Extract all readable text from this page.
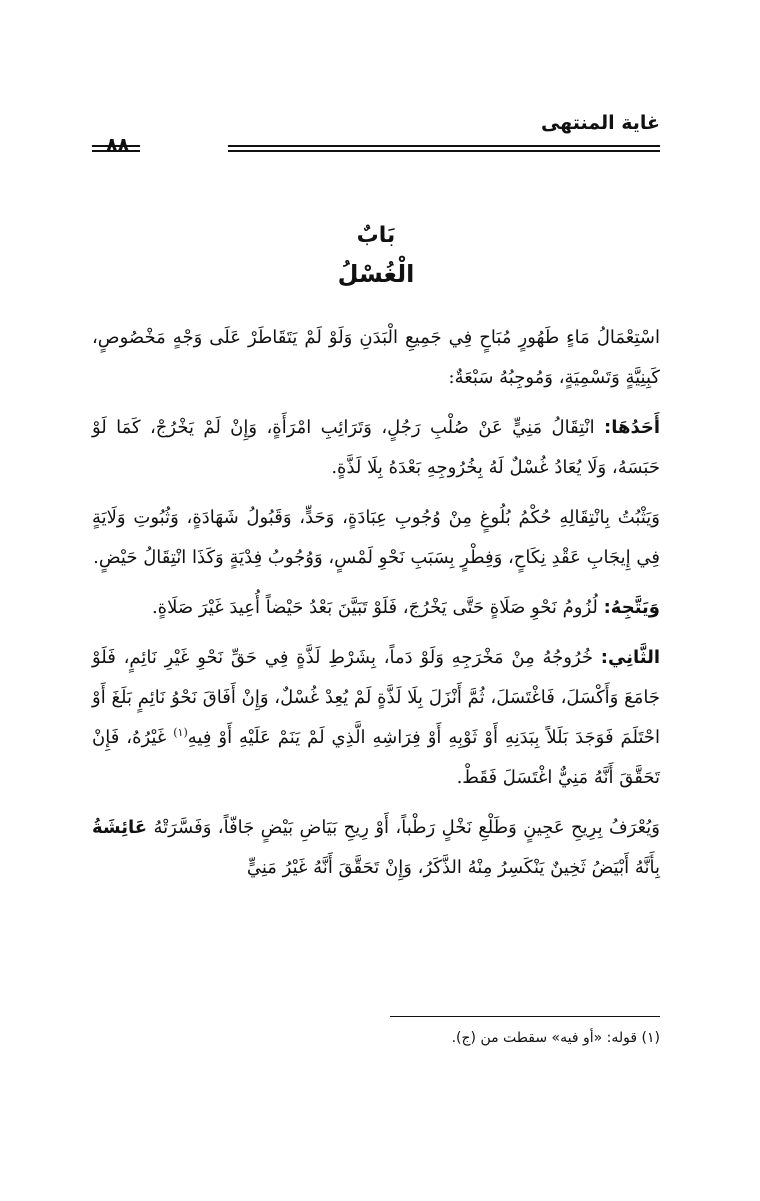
غاية المنتهى
٨٨
بَابٌ
الْغُسْلُ

اسْتِعْمَالُ مَاءٍ طَهُورٍ مُبَاحٍ فِي جَمِيعِ الْبَدَنِ وَلَوْ لَمْ يَتَقَاطَرْ عَلَى وَجْهٍ مَخْصُوصٍ، كَبِنِيَّةٍ وَتَسْمِيَةٍ، وَمُوجِبُهُ سَبْعَةٌ:

أَحَدُهَا: انْتِقَالُ مَنِيٍّ عَنْ صُلْبِ رَجُلٍ، وَتَرَائِبِ امْرَأَةٍ، وَإِنْ لَمْ يَخْرُجْ، كَمَا لَوْ حَبَسَهُ، وَلَا يُعَادُ غُسْلٌ لَهُ بِخُرُوجِهِ بَعْدَهُ بِلَا لَذَّةٍ.

وَيَثْبُتُ بِانْتِقَالِهِ حُكْمُ بُلُوغٍ مِنْ وُجُوبِ عِبَادَةٍ، وَحَدٍّ، وَقَبُولُ شَهَادَةٍ، وَثُبُوتِ وَلَايَةٍ فِي إِيجَابِ عَقْدِ نِكَاحٍ، وَفِطْرٍ بِسَبَبِ نَحْوِ لَمْسٍ، وَوُجُوبُ فِدْيَةٍ وَكَذَا انْتِقَالُ حَيْضٍ.

وَيَتَّجِهُ: لُزُومُ نَحْوِ صَلَاةٍ حَتَّى يَخْرُجَ، فَلَوْ تَبَيَّنَ بَعْدُ حَيْضاً أُعِيدَ غَيْرَ صَلَاةٍ.

الثَّانِي: خُرُوجُهُ مِنْ مَخْرَجِهِ وَلَوْ دَماً، بِشَرْطِ لَذَّةٍ فِي حَقِّ نَحْوِ غَيْرِ نَائِمٍ، فَلَوْ جَامَعَ وَأَكْسَلَ، فَاغْتَسَلَ، ثُمَّ أَنْزَلَ بِلَا لَذَّةٍ لَمْ يُعِدْ غُسْلٌ، وَإِنْ أَفَاقَ نَحْوُ نَائِمٍ بَلَغَ أَوْ احْتَلَمَ فَوَجَدَ بَلَلاً بِبَدَنِهِ أَوْ ثَوْبِهِ أَوْ فِرَاشِهِ الَّذِي لَمْ يَنَمْ عَلَيْهِ أَوْ فِيهِ$^{(١)}$ غَيْرُهُ، فَإِنْ تَحَقَّقَ أَنَّهُ مَنِيٌّ اغْتَسَلَ فَقَطْ.

وَيُعْرَفُ بِرِيحِ عَجِينٍ وَطَلْعِ نَخْلٍ رَطْباً، أَوْ رِيحِ بَيَاضِ بَيْضٍ جَافّاً، وَفَسَّرَتْهُ عَائِشَةُ بِأَنَّهُ أَبْيَضُ ثَخِينٌ يَنْكَسِرُ مِنْهُ الذَّكَرُ، وَإِنْ تَحَقَّقَ أَنَّهُ غَيْرُ مَنِيٍّ

(١) قوله: «أو فيه» سقطت من (ج).
